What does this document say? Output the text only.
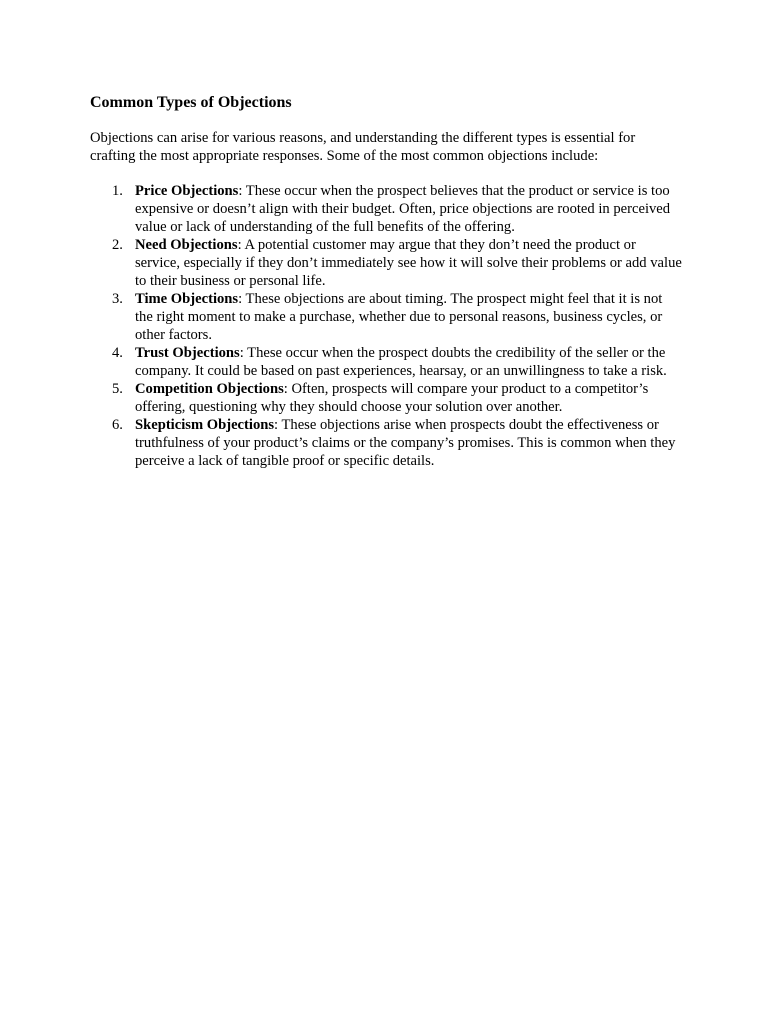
Common Types of Objections

Objections can arise for various reasons, and understanding the different types is essential for crafting the most appropriate responses. Some of the most common objections include:

1. Price Objections: These occur when the prospect believes that the product or service is too expensive or doesn’t align with their budget. Often, price objections are rooted in perceived value or lack of understanding of the full benefits of the offering.
2. Need Objections: A potential customer may argue that they don’t need the product or service, especially if they don’t immediately see how it will solve their problems or add value to their business or personal life.
3. Time Objections: These objections are about timing. The prospect might feel that it is not the right moment to make a purchase, whether due to personal reasons, business cycles, or other factors.
4. Trust Objections: These occur when the prospect doubts the credibility of the seller or the company. It could be based on past experiences, hearsay, or an unwillingness to take a risk.
5. Competition Objections: Often, prospects will compare your product to a competitor’s offering, questioning why they should choose your solution over another.
6. Skepticism Objections: These objections arise when prospects doubt the effectiveness or truthfulness of your product’s claims or the company’s promises. This is common when they perceive a lack of tangible proof or specific details.
